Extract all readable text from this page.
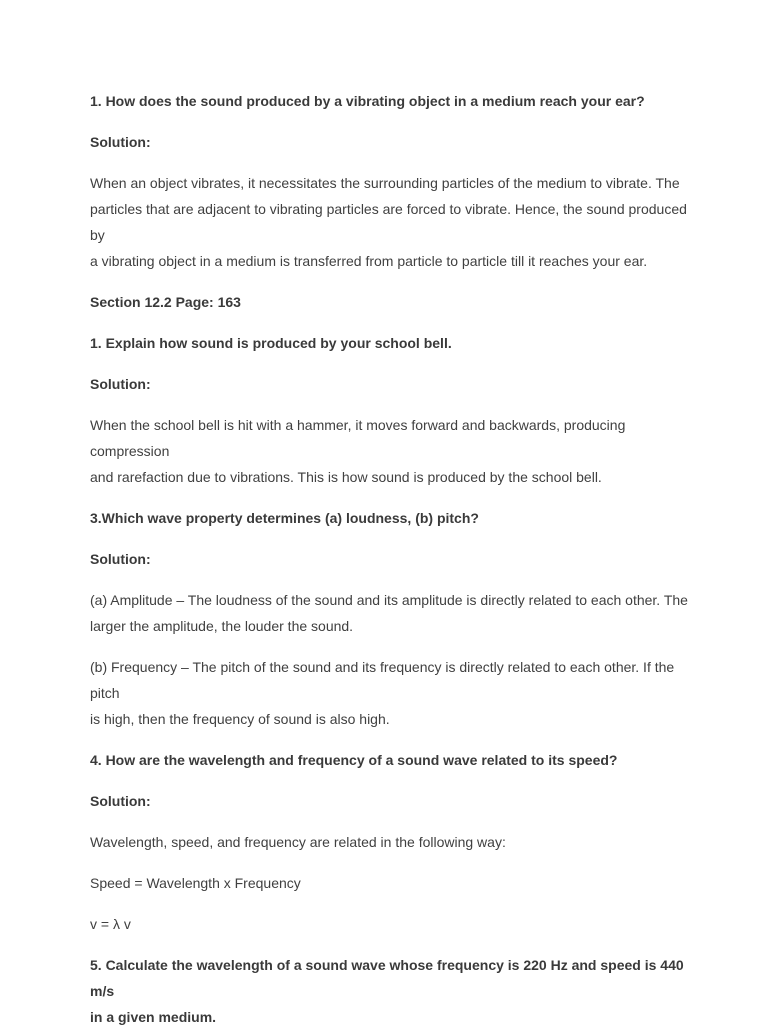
1. How does the sound produced by a vibrating object in a medium reach your ear?

Solution:

When an object vibrates, it necessitates the surrounding particles of the medium to vibrate. The

particles that are adjacent to vibrating particles are forced to vibrate. Hence, the sound produced by

a vibrating object in a medium is transferred from particle to particle till it reaches your ear.

Section 12.2 Page: 163

1. Explain how sound is produced by your school bell.

Solution:

When the school bell is hit with a hammer, it moves forward and backwards, producing compression

and rarefaction due to vibrations. This is how sound is produced by the school bell.

3.Which wave property determines (a) loudness, (b) pitch?

Solution:

(a) Amplitude – The loudness of the sound and its amplitude is directly related to each other. The

larger the amplitude, the louder the sound.

(b) Frequency – The pitch of the sound and its frequency is directly related to each other. If the pitch

is high, then the frequency of sound is also high.

4. How are the wavelength and frequency of a sound wave related to its speed?

Solution:

Wavelength, speed, and frequency are related in the following way:

Speed = Wavelength x Frequency

v = λ v

5. Calculate the wavelength of a sound wave whose frequency is 220 Hz and speed is 440 m/s

in a given medium.
